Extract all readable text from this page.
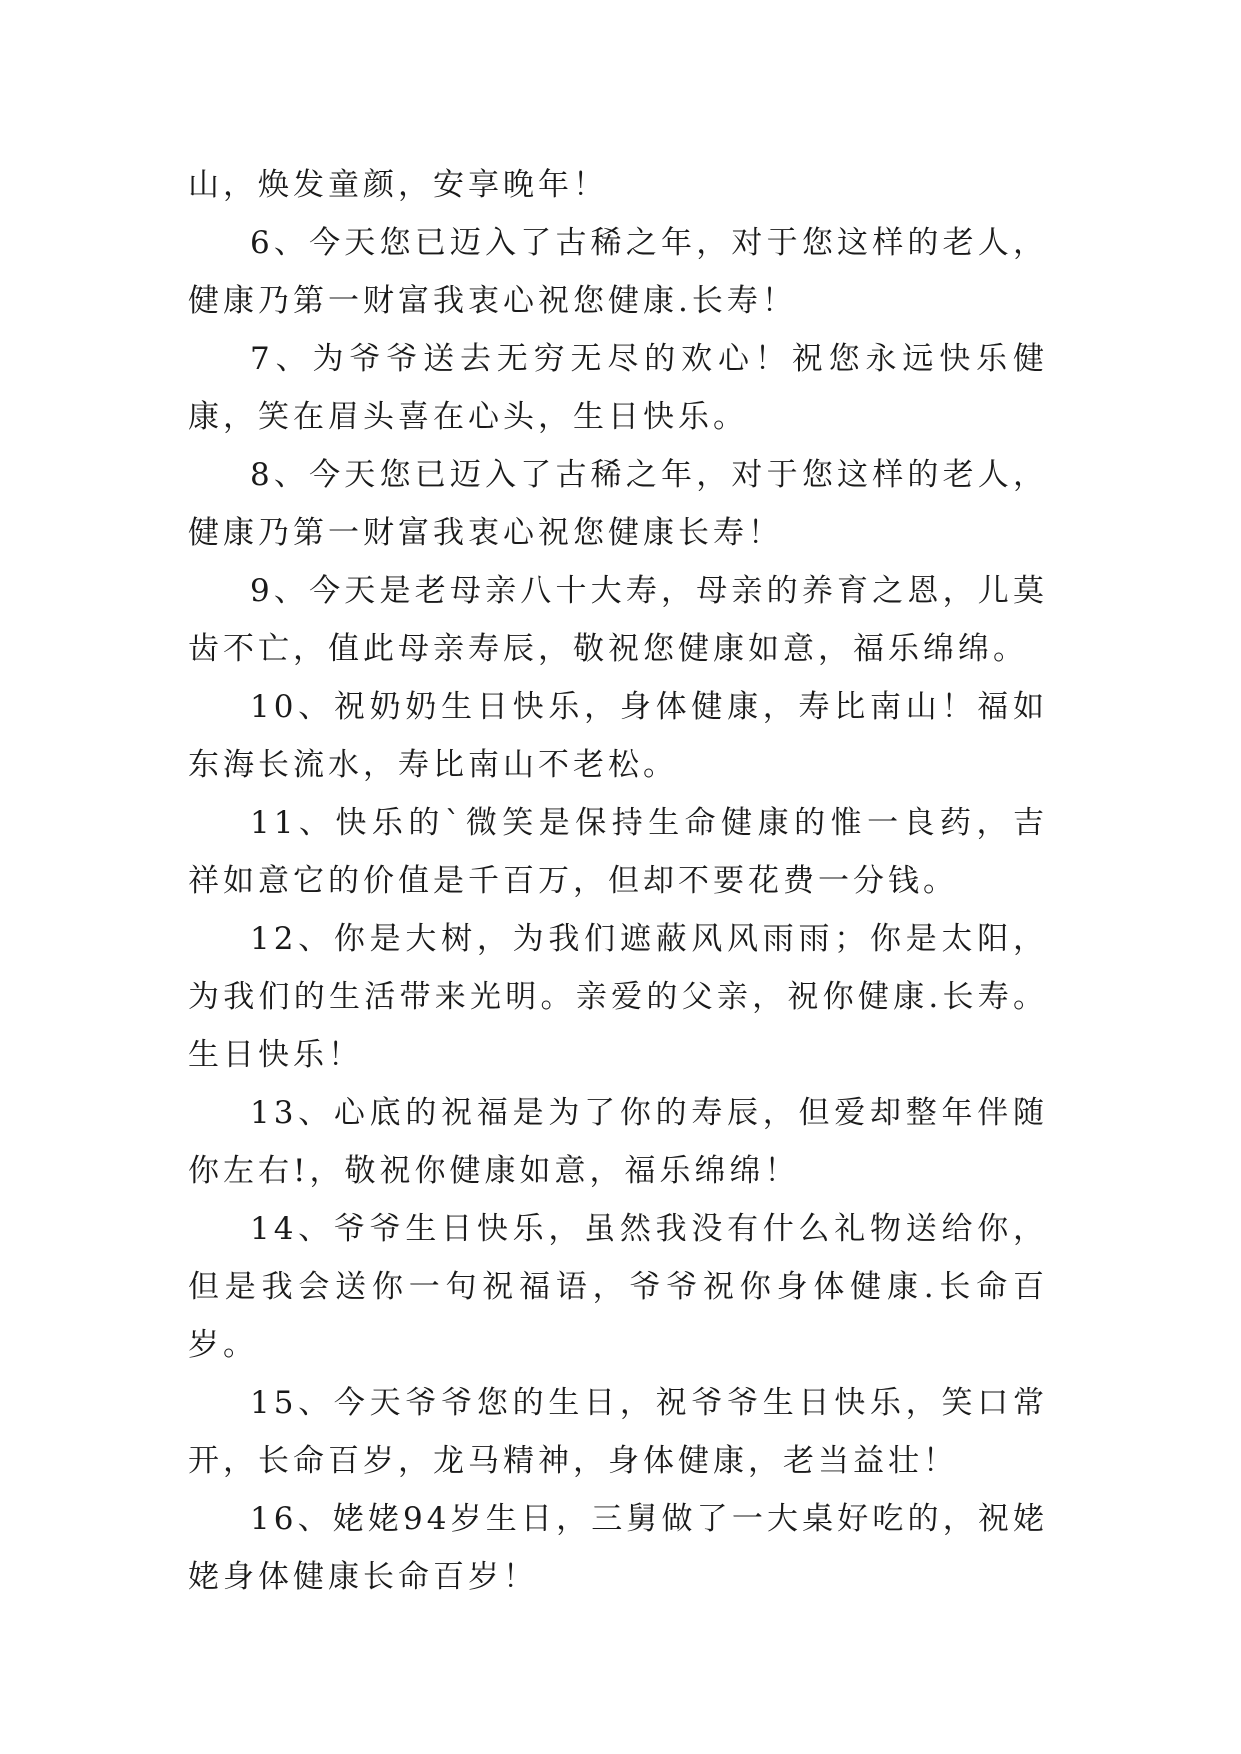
山，焕发童颜，安享晚年！

6、今天您已迈入了古稀之年，对于您这样的老人，健康乃第一财富我衷心祝您健康.长寿！

7、为爷爷送去无穷无尽的欢心！祝您永远快乐健康，笑在眉头喜在心头，生日快乐。

8、今天您已迈入了古稀之年，对于您这样的老人，健康乃第一财富我衷心祝您健康长寿！

9、今天是老母亲八十大寿，母亲的养育之恩，儿莫齿不亡，值此母亲寿辰，敬祝您健康如意，福乐绵绵。

10、祝奶奶生日快乐，身体健康，寿比南山！福如东海长流水，寿比南山不老松。

11、快乐的`微笑是保持生命健康的惟一良药，吉祥如意它的价值是千百万，但却不要花费一分钱。

12、你是大树，为我们遮蔽风风雨雨；你是太阳，为我们的生活带来光明。亲爱的父亲，祝你健康.长寿。生日快乐！

13、心底的祝福是为了你的寿辰，但爱却整年伴随你左右!，敬祝你健康如意，福乐绵绵！

14、爷爷生日快乐，虽然我没有什么礼物送给你，但是我会送你一句祝福语，爷爷祝你身体健康.长命百岁。

15、今天爷爷您的生日，祝爷爷生日快乐，笑口常开，长命百岁，龙马精神，身体健康，老当益壮！

16、姥姥94岁生日，三舅做了一大桌好吃的，祝姥姥身体健康长命百岁！
